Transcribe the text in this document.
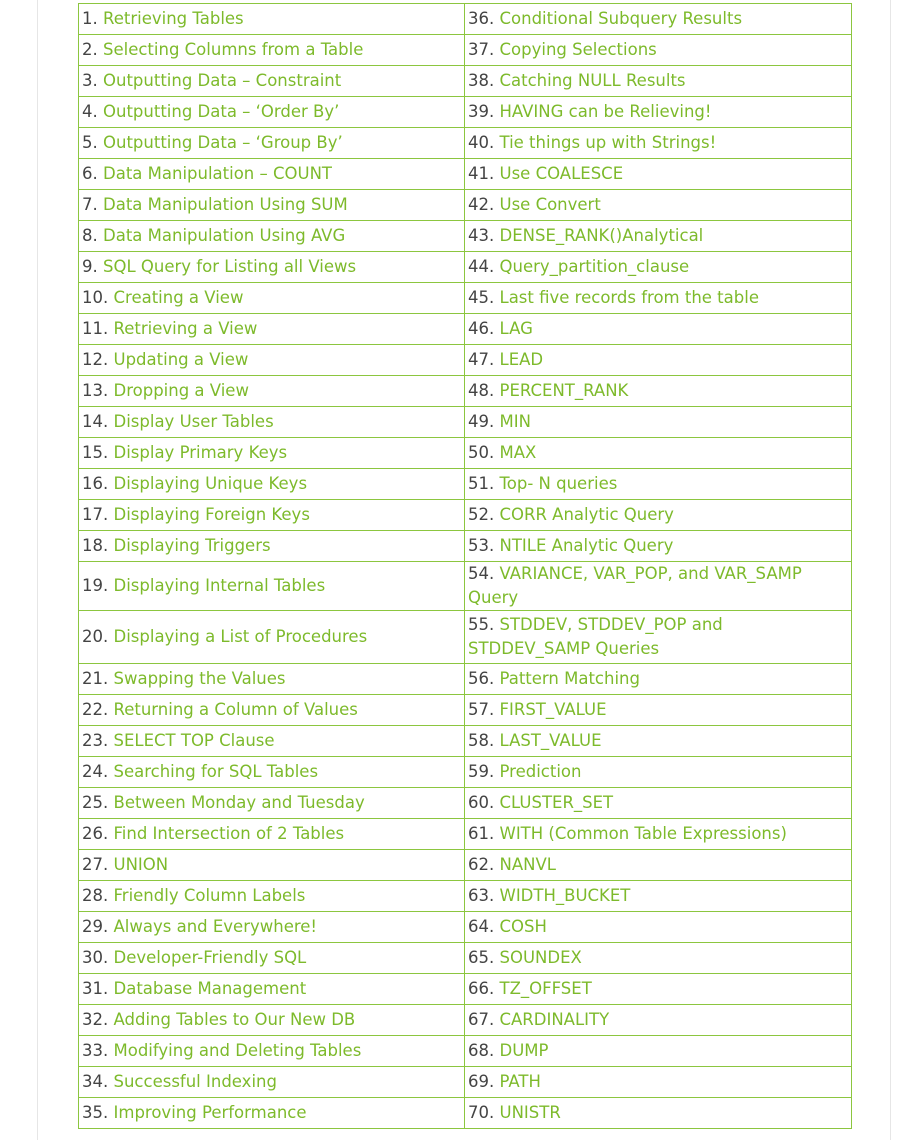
1. Retrieving Tables	36. Conditional Subquery Results
2. Selecting Columns from a Table	37. Copying Selections
3. Outputting Data – Constraint	38. Catching NULL Results
4. Outputting Data – ‘Order By’	39. HAVING can be Relieving!
5. Outputting Data – ‘Group By’	40. Tie things up with Strings!
6. Data Manipulation – COUNT	41. Use COALESCE
7. Data Manipulation Using SUM	42. Use Convert
8. Data Manipulation Using AVG	43. DENSE_RANK()Analytical
9. SQL Query for Listing all Views	44. Query_partition_clause
10. Creating a View	45. Last five records from the table
11. Retrieving a View	46. LAG
12. Updating a View	47. LEAD
13. Dropping a View	48. PERCENT_RANK
14. Display User Tables	49. MIN
15. Display Primary Keys	50. MAX
16. Displaying Unique Keys	51. Top- N queries
17. Displaying Foreign Keys	52. CORR Analytic Query
18. Displaying Triggers	53. NTILE Analytic Query
19. Displaying Internal Tables	54. VARIANCE, VAR_POP, and VAR_SAMP Query
20. Displaying a List of Procedures	55. STDDEV, STDDEV_POP and STDDEV_SAMP Queries
21. Swapping the Values	56. Pattern Matching
22. Returning a Column of Values	57. FIRST_VALUE
23. SELECT TOP Clause	58. LAST_VALUE
24. Searching for SQL Tables	59. Prediction
25. Between Monday and Tuesday	60. CLUSTER_SET
26. Find Intersection of 2 Tables	61. WITH (Common Table Expressions)
27. UNION	62. NANVL
28. Friendly Column Labels	63. WIDTH_BUCKET
29. Always and Everywhere!	64. COSH
30. Developer-Friendly SQL	65. SOUNDEX
31. Database Management	66. TZ_OFFSET
32. Adding Tables to Our New DB	67. CARDINALITY
33. Modifying and Deleting Tables	68. DUMP
34. Successful Indexing	69. PATH
35. Improving Performance	70. UNISTR
